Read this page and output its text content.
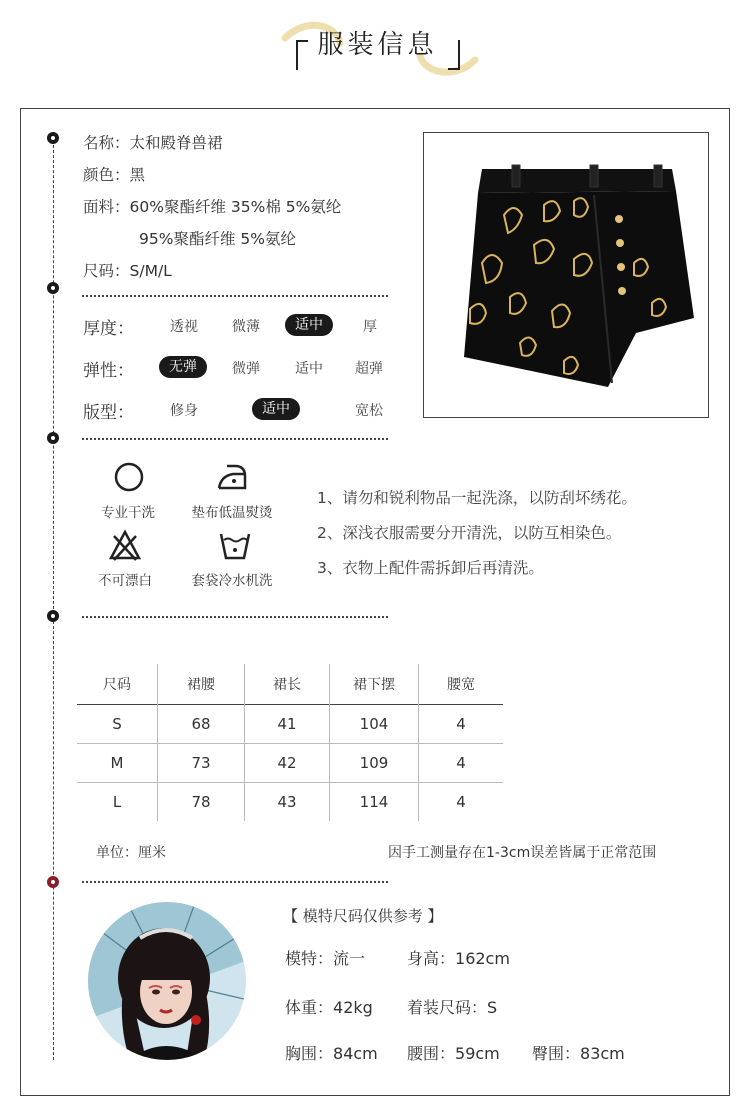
服装信息
名称：太和殿脊兽裙
颜色：黑
面料：60%聚酯纤维 35%棉 5%氨纶
95%聚酯纤维 5%氨纶
尺码：S/M/L
厚度：	透视	微薄	适中	厚
弹性：	无弹	微弹	适中	超弹
版型：	修身	适中	宽松
专业干洗	垫布低温熨烫
不可漂白	套袋冷水机洗
1、请勿和锐利物品一起洗涤，以防刮坏绣花。
2、深浅衣服需要分开清洗，以防互相染色。
3、衣物上配件需拆卸后再清洗。
尺码	裙腰	裙长	裙下摆	腰宽
S	68	41	104	4
M	73	42	109	4
L	78	43	114	4
单位：厘米	因手工测量存在1-3cm误差皆属于正常范围
【 模特尺码仅供参考 】
模特：流一	身高：162cm
体重：42kg 着装尺码：S
胸围：84cm 腰围：59cm 臀围：83cm
